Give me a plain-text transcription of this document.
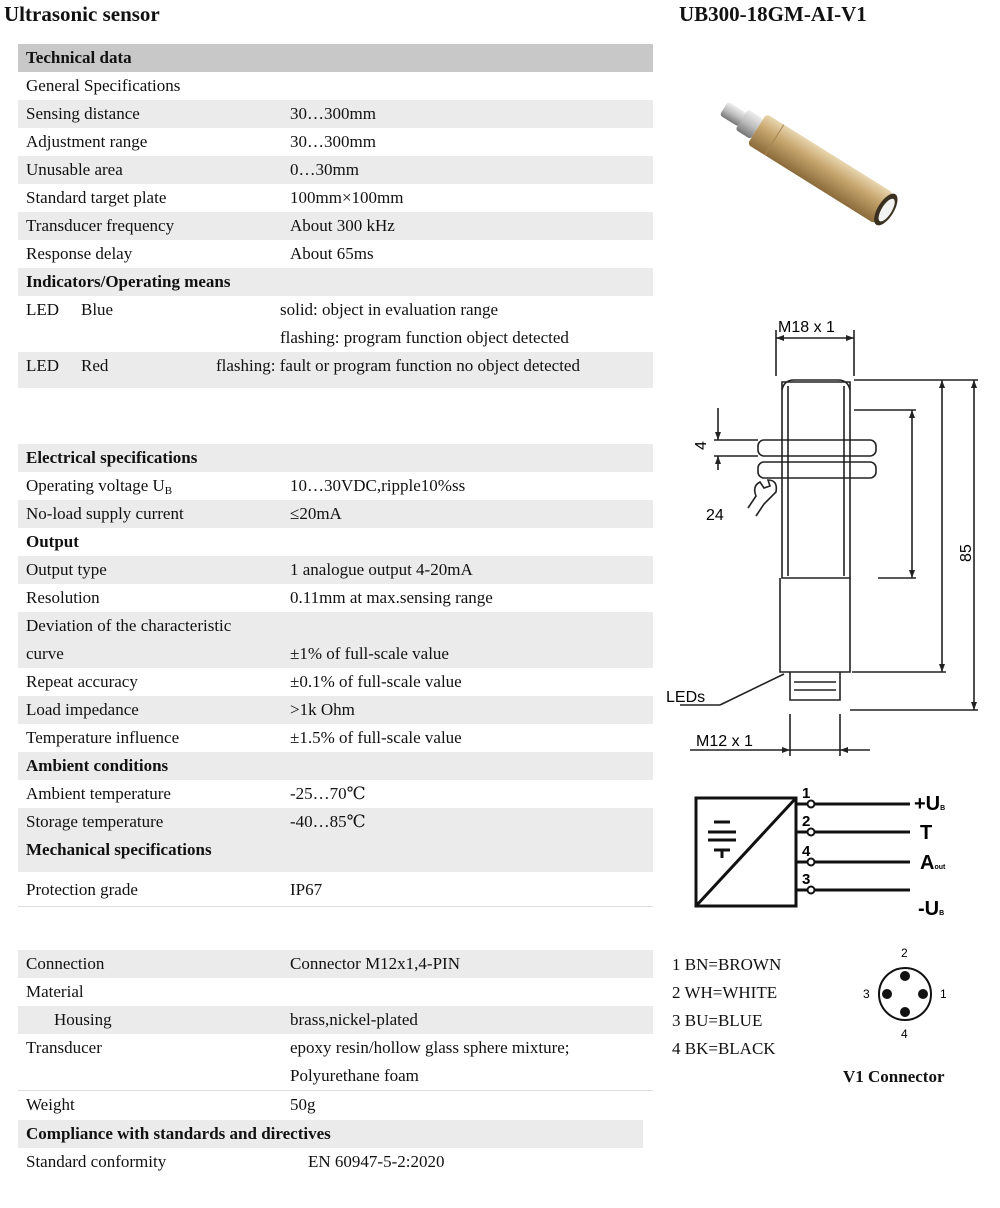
Ultrasonic sensor	UB300-18GM-AI-V1
Technical data
General Specifications
Sensing distance	30…300mm
Adjustment range	30…300mm
Unusable area	0…30mm
Standard target plate	100mm×100mm
Transducer frequency	About 300 kHz
Response delay	About 65ms
Indicators/Operating means
LED Blue	solid: object in evaluation range
flashing: program function object detected
LED Red	flashing: fault or program function no object detected
Electrical specifications
Operating voltage $U_B$	10…30VDC,ripple10%ss
No-load supply current	≤20mA
Output
Output type	1 analogue output 4-20mA
Resolution	0.11mm at max.sensing range
Deviation of the characteristic
curve	±1% of full-scale value
Repeat accuracy	±0.1% of full-scale value
Load impedance	>1k Ohm
Temperature influence	±1.5% of full-scale value
Ambient conditions
Ambient temperature	-25…70℃
Storage temperature	-40…85℃
Mechanical specifications
Protection grade	IP67
Connection	Connector M12x1,4-PIN
Material
Housing	brass,nickel-plated
Transducer	epoxy resin/hollow glass sphere mixture;
Polyurethane foam
Weight	50g
Compliance with standards and directives
Standard conformity	EN 60947-5-2:2020
M18 x 1
4
24
85
LEDs
M12 x 1
1
2
4
3
+UB
T
Aout
-UB
1 BN=BROWN
2 WH=WHITE
3 BU=BLUE
4 BK=BLACK
2
3	1
4
V1 Connector
